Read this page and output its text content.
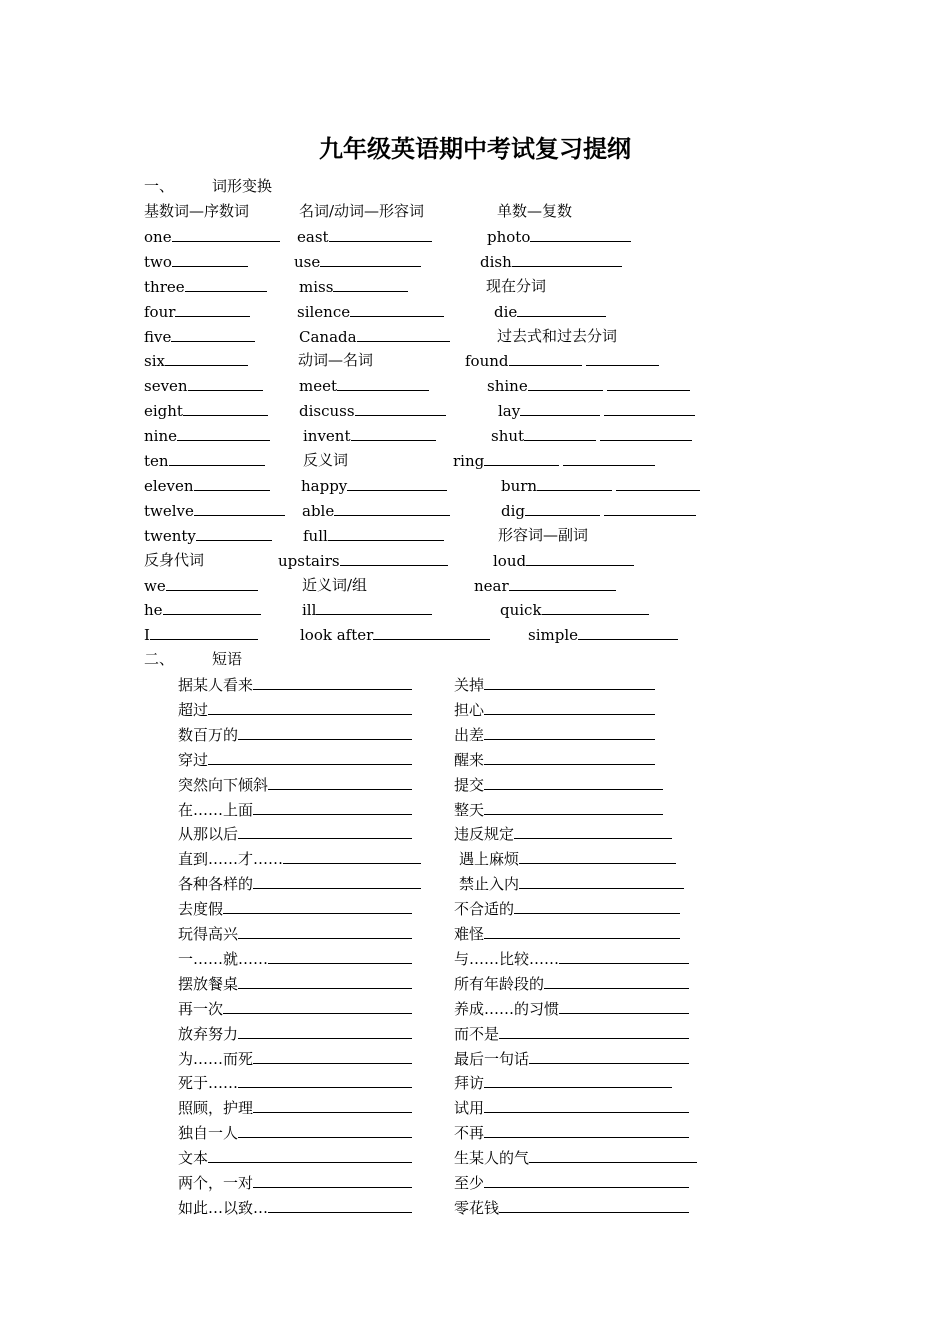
九年级英语期中考试复习提纲
一、	词形变换
基数词—序数词	名词/动词—形容词	单数—复数
one	east	photo
two	use	dish
three	miss	现在分词
four	silence	die
five	Canada	过去式和过去分词
six	动词—名词	found
seven	meet	shine
eight	discuss	lay
nine	invent	shut
ten	反义词	ring
eleven	happy	burn
twelve	able	dig
twenty	full	形容词—副词
反身代词	upstairs	loud
we	近义词/组	near
he	ill	quick
I	look after	simple
二、	短语
据某人看来	关掉
超过	担心
数百万的	出差
穿过	醒来
突然向下倾斜	提交
在……上面	整天
从那以后	违反规定
直到……才……	遇上麻烦
各种各样的	禁止入内
去度假	不合适的
玩得高兴	难怪
一……就……	与……比较……
摆放餐桌	所有年龄段的
再一次	养成……的习惯
放弃努力	而不是
为……而死	最后一句话
死于……	拜访
照顾，护理	试用
独自一人	不再
文本	生某人的气
两个，一对	至少
如此…以致…	零花钱
